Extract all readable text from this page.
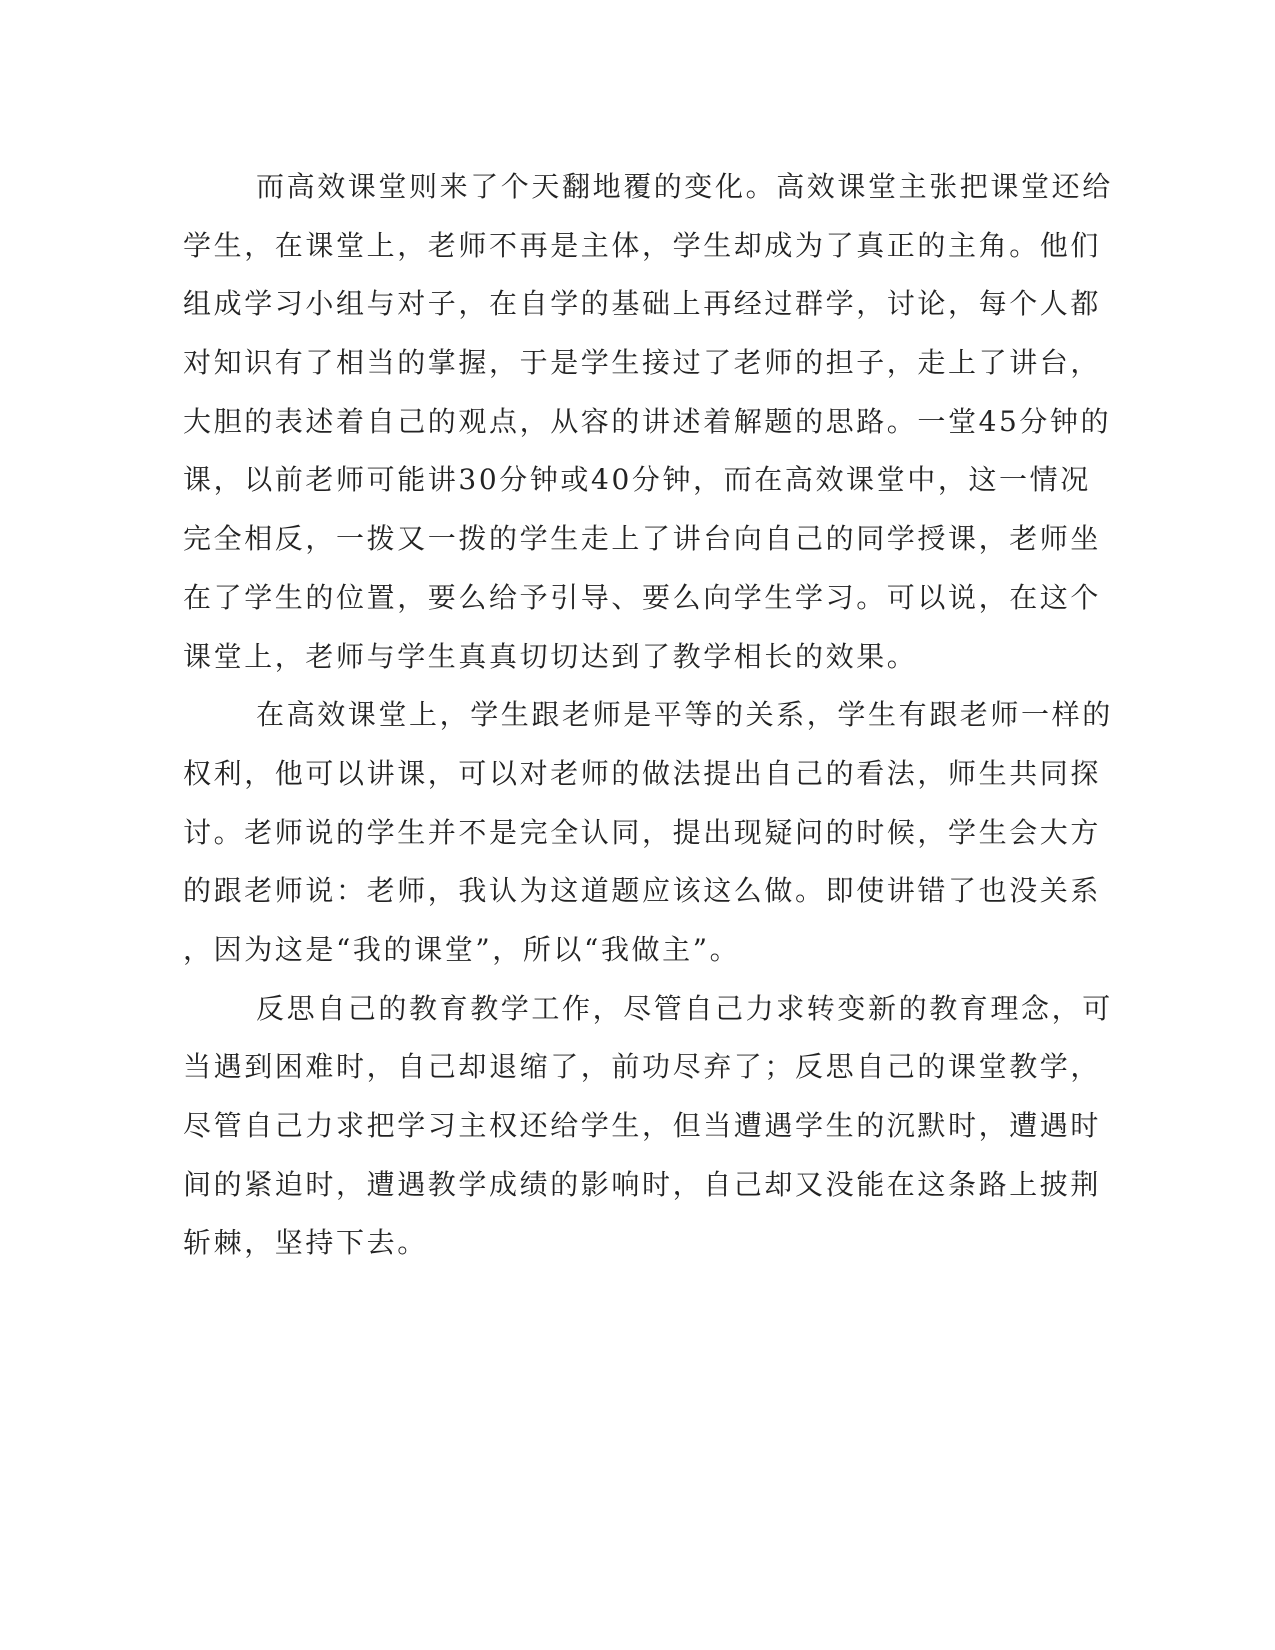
而高效课堂则来了个天翻地覆的变化。高效课堂主张把课堂还给
学生，在课堂上，老师不再是主体，学生却成为了真正的主角。他们
组成学习小组与对子，在自学的基础上再经过群学，讨论，每个人都
对知识有了相当的掌握，于是学生接过了老师的担子，走上了讲台，
大胆的表述着自己的观点，从容的讲述着解题的思路。一堂45分钟的
课，以前老师可能讲30分钟或40分钟，而在高效课堂中，这一情况
完全相反，一拨又一拨的学生走上了讲台向自己的同学授课，老师坐
在了学生的位置，要么给予引导、要么向学生学习。可以说，在这个
课堂上，老师与学生真真切切达到了教学相长的效果。
在高效课堂上，学生跟老师是平等的关系，学生有跟老师一样的
权利，他可以讲课，可以对老师的做法提出自己的看法，师生共同探
讨。老师说的学生并不是完全认同，提出现疑问的时候，学生会大方
的跟老师说：老师，我认为这道题应该这么做。即使讲错了也没关系
，因为这是“我的课堂”，所以“我做主”。
反思自己的教育教学工作，尽管自己力求转变新的教育理念，可
当遇到困难时，自己却退缩了，前功尽弃了；反思自己的课堂教学，
尽管自己力求把学习主权还给学生，但当遭遇学生的沉默时，遭遇时
间的紧迫时，遭遇教学成绩的影响时，自己却又没能在这条路上披荆
斩棘，坚持下去。
